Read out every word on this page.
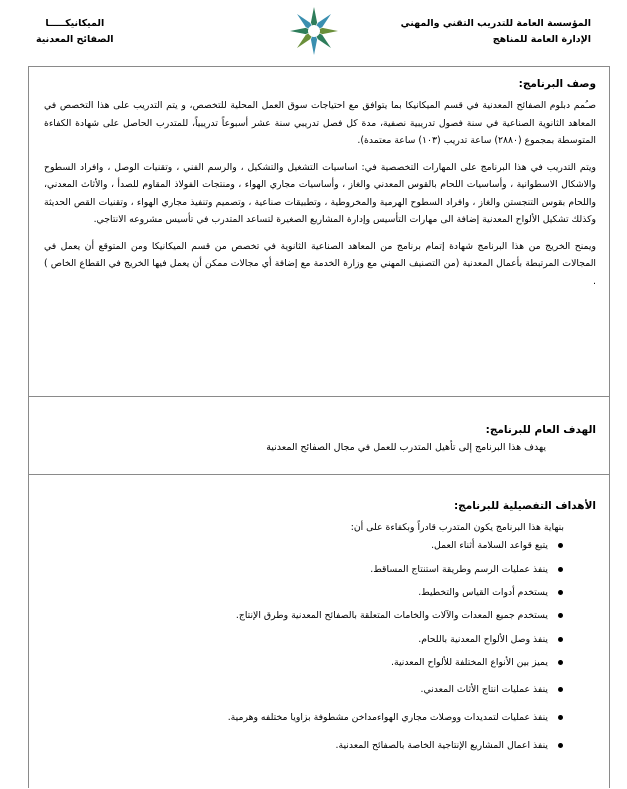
المؤسسة العامة للتدريب التقني والمهني
الإدارة العامة للمناهج
الميكانيكـــــا
الصفائح المعدنية
وصف البرنامج:

صـُمم دبلوم الصفائح المعدنية في قسم الميكانيكا بما يتوافق مع احتياجات سوق العمل المحلية للتخصص، و يتم التدريب على هذا التخصص في المعاهد الثانوية الصناعية في سنة فصول تدريبية نصفية، مدة كل فصل تدريبي سنة عشر أسبوعاً تدريبياً، للمتدرب الحاصل على شهادة الكفاءة المتوسطة بمجموع (٢٨٨٠) ساعة تدريب (١٠٣) ساعة معتمدة).

ويتم التدريب في هذا البرنامج على المهارات التخصصية في: اساسيات التشغيل والتشكيل ، والرسم الفني ، وتقنيات الوصل ، وافراد السطوح والاشكال الاسطوانية ، وأساسيات اللحام بالقوس المعدني والغاز ، وأساسيات مجاري الهواء ، ومنتجات الفولاذ المقاوم للصدأ ، والأثاث المعدني، واللحام بقوس التنجستن والغاز ، وافراد السطوح الهرمية والمخروطية ، وتطبيقات صناعية ، وتصميم وتنفيذ مجاري الهواء ، وتقنيات القص الحديثة وكذلك تشكيل الألواح المعدنية إضافة الى مهارات التأسيس وإدارة المشاريع الصغيرة لتساعد المتدرب في تأسيس مشروعه الانتاجي.

ويمنح الخريج من هذا البرنامج شهادة إتمام برنامج من المعاهد الصناعية الثانوية في تخصص من قسم الميكانيكا ومن المتوقع أن يعمل في المجالات المرتبطة بأعمال المعدنية (من التصنيف المهني مع وزارة الخدمة مع إضافة أي مجالات ممكن أن يعمل فيها الخريج في القطاع الخاص ) .

الهدف العام للبرنامج:
يهدف هذا البرنامج إلى تأهيل المتدرب للعمل في مجال الصفائح المعدنية
الأهداف التفصيلية للبرنامج:
بنهاية هذا البرنامج يكون المتدرب قادراً وبكفاءة على أن:
يتبع قواعد السلامة أثناء العمل.
ينفذ عمليات الرسم وطريقة استنتاج المساقط.
يستخدم أدوات القياس والتخطيط.
يستخدم جميع المعدات والآلات والخامات المتعلقة بالصفائح المعدنية وطرق الإنتاج.
ينفذ وصل الألواح المعدنية باللحام.
يميز بين الأنواع المختلفة للألواح المعدنية.
ينفذ عمليات انتاج الأثاث المعدني.
ينفذ عمليات لتمديدات ووصلات مجاري الهواءمداخن مشطوفة بزاويا مختلفه وهرمية.
ينفذ اعمال المشاريع الإنتاجية الخاصة بالصفائح المعدنية.
